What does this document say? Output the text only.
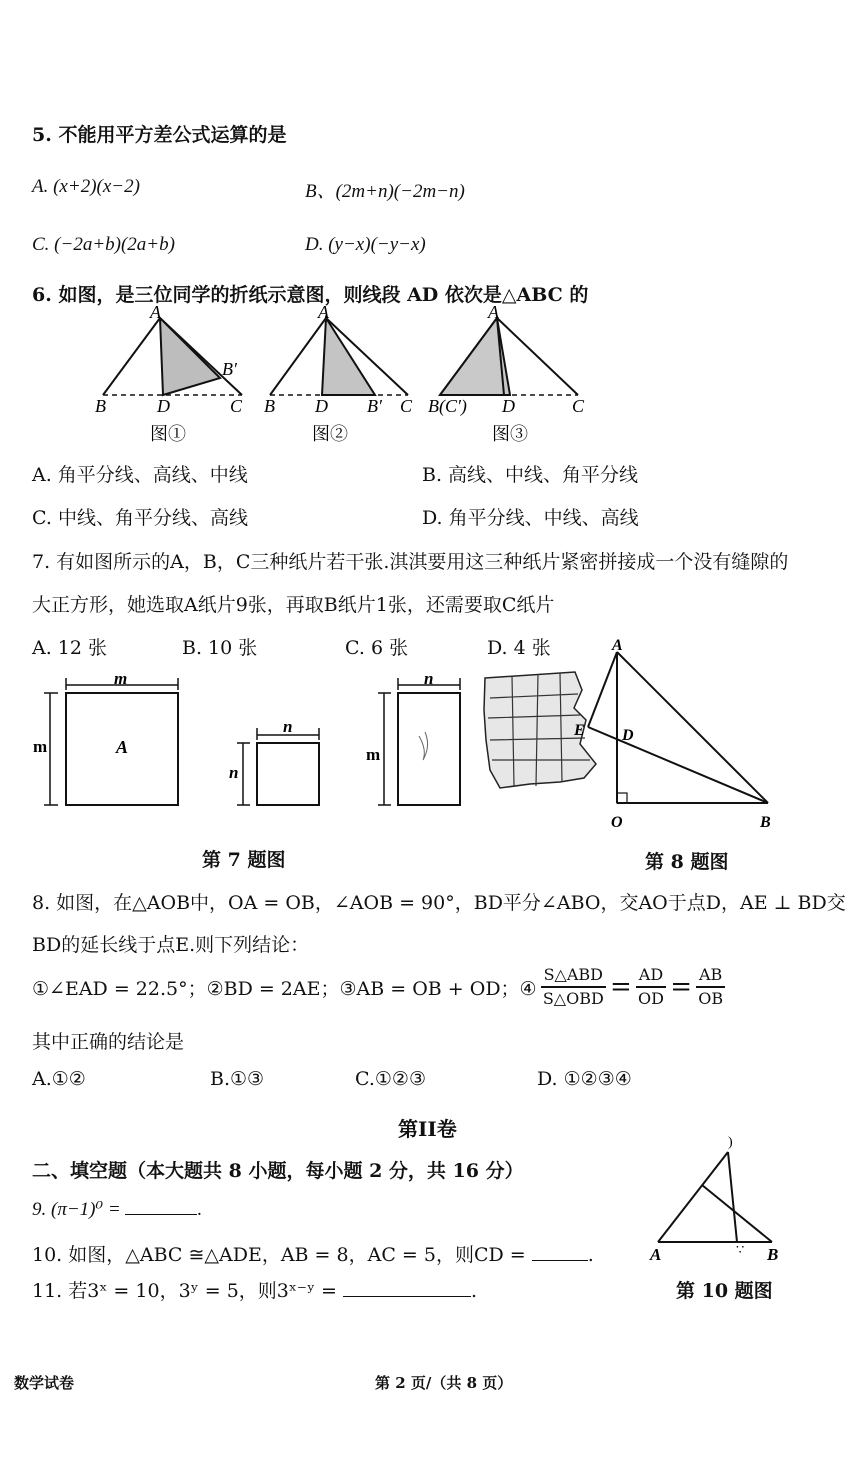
5. 不能用平方差公式运算的是
A. (x+2)(x−2)	B、(2m+n)(−2m−n)
C. (−2a+b)(2a+b)	D. (y−x)(−y−x)
6. 如图，是三位同学的折纸示意图，则线段 AD 依次是△ABC 的
A
B	D	C
B′
图①
A
B D B′ C
图②
A
B(C′) D	C
图③
A. 角平分线、高线、中线	B. 高线、中线、角平分线
C. 中线、角平分线、高线	D. 角平分线、中线、高线
7. 有如图所示的A，B，C三种纸片若干张.淇淇要用这三种纸片紧密拼接成一个没有缝隙的
大正方形，她选取A纸片9张，再取B纸片1张，还需要取C纸片
A. 12 张	B. 10 张	C. 6 张	D. 4 张
m
m	A
n
n
n
m
A
E D
O	B
第 7 题图	第 8 题图
8. 如图，在△AOB中，OA = OB，∠AOB = 90°，BD平分∠ABO，交AO于点D，AE ⊥ BD交
BD的延长线于点E.则下列结论：
①∠EAD = 22.5°；②BD = 2AE；③AB = OB + OD；④ $\frac{\text{S△ABD}}{\text{S△OBD}} = \frac{AD}{OD} = \frac{AB}{OB}$
其中正确的结论是
A.①②	B.①③	C.①②③	D. ①②③④
第II卷
二、填空题（本大题共 8 小题，每小题 2 分，共 16 分）
9. (π−1)⁰ =	.
10. 如图，△ABC ≅△ADE，AB = 8，AC = 5，则CD =	.
11. 若3ˣ = 10，3ʸ = 5，则3ˣ⁻ʸ =	.
)
∵
A	B
第 10 题图
数学试卷	第 2 页/（共 8 页）
